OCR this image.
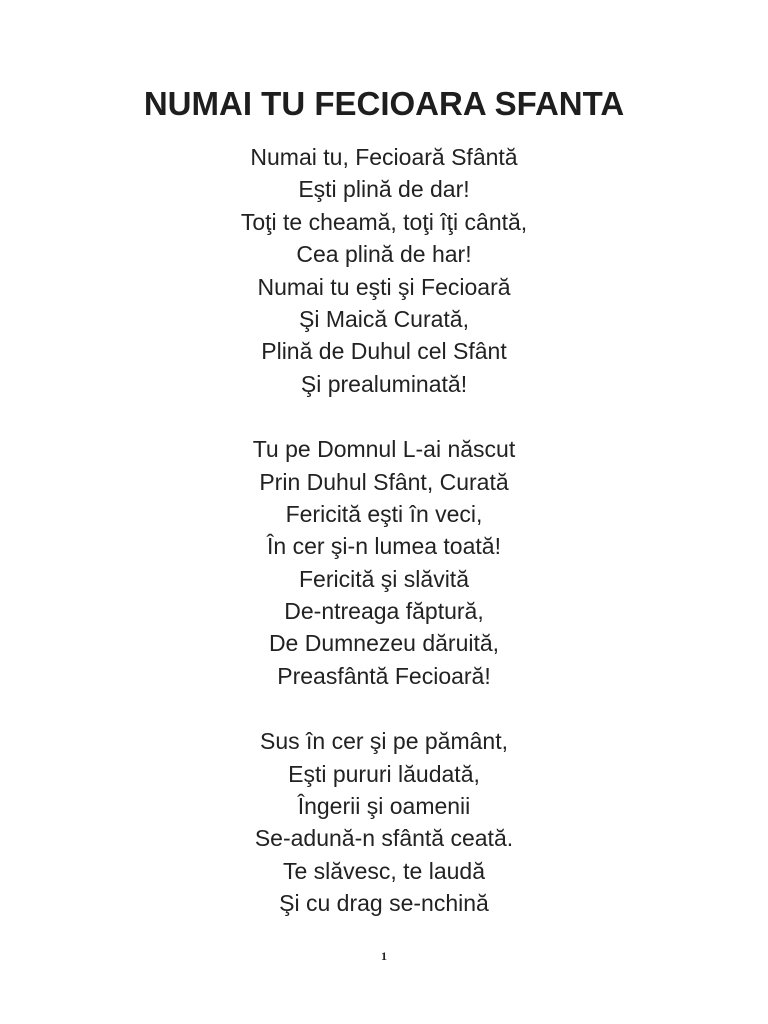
NUMAI TU FECIOARA SFANTA
Numai tu, Fecioară Sfântă
Eşti plină de dar!
Toţi te cheamă, toţi îţi cântă,
Cea plină de har!
Numai tu eşti şi Fecioară
Şi Maică Curată,
Plină de Duhul cel Sfânt
Şi prealuminată!
Tu pe Domnul L-ai născut
Prin Duhul Sfânt, Curată
Fericită eşti în veci,
În cer şi-n lumea toată!
Fericită şi slăvită
De-ntreaga făptură,
De Dumnezeu dăruită,
Preasfântă Fecioară!
Sus în cer şi pe pământ,
Eşti pururi lăudată,
Îngerii şi oamenii
Se-adună-n sfântă ceată.
Te slăvesc, te laudă
Şi cu drag se-nchină
1
